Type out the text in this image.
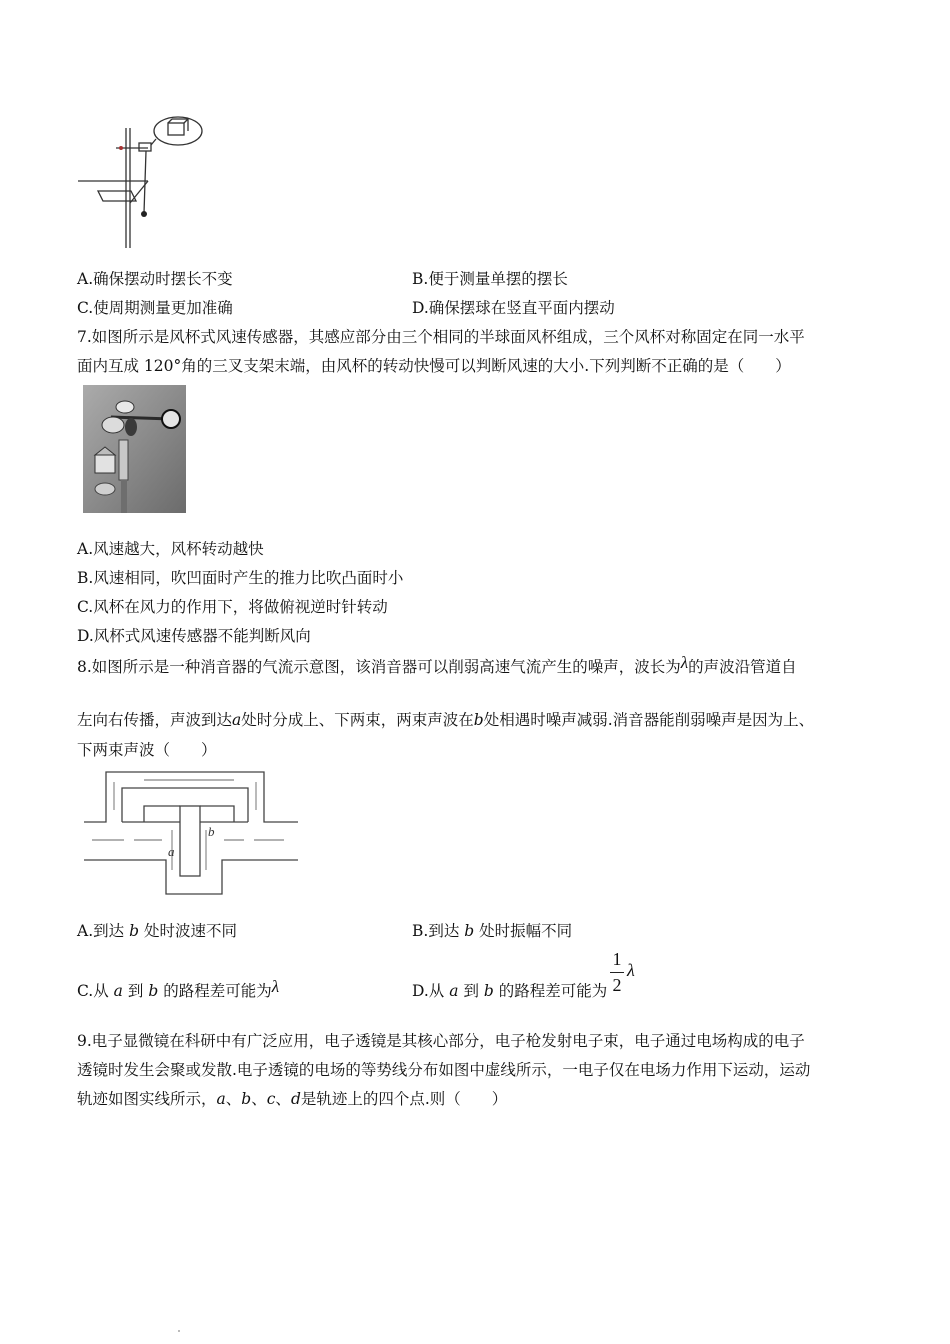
A.确保摆动时摆长不变	B.便于测量单摆的摆长
C.使周期测量更加准确	D.确保摆球在竖直平面内摆动
7.如图所示是风杯式风速传感器，其感应部分由三个相同的半球面风杯组成，三个风杯对称固定在同一水平
面内互成 120°角的三叉支架末端，由风杯的转动快慢可以判断风速的大小.下列判断不正确的是（　　）
A.风速越大，风杯转动越快
B.风速相同，吹凹面时产生的推力比吹凸面时小
C.风杯在风力的作用下，将做俯视逆时针转动
D.风杯式风速传感器不能判断风向
8.如图所示是一种消音器的气流示意图，该消音器可以削弱高速气流产生的噪声，波长为λ的声波沿管道自
左向右传播，声波到达a处时分成上、下两束，两束声波在b处相遇时噪声减弱.消音器能削弱噪声是因为上、
下两束声波（　　）
b
a
A.到达 b 处时波速不同	B.到达 b 处时振幅不同
C.从 a 到 b 的路程差可能为λ	D.从 a 到 b 的路程差可能为
1
2
λ
9.电子显微镜在科研中有广泛应用，电子透镜是其核心部分，电子枪发射电子束，电子通过电场构成的电子
透镜时发生会聚或发散.电子透镜的电场的等势线分布如图中虚线所示，一电子仅在电场力作用下运动，运动
轨迹如图实线所示，a、b、c、d是轨迹上的四个点.则（　　）
